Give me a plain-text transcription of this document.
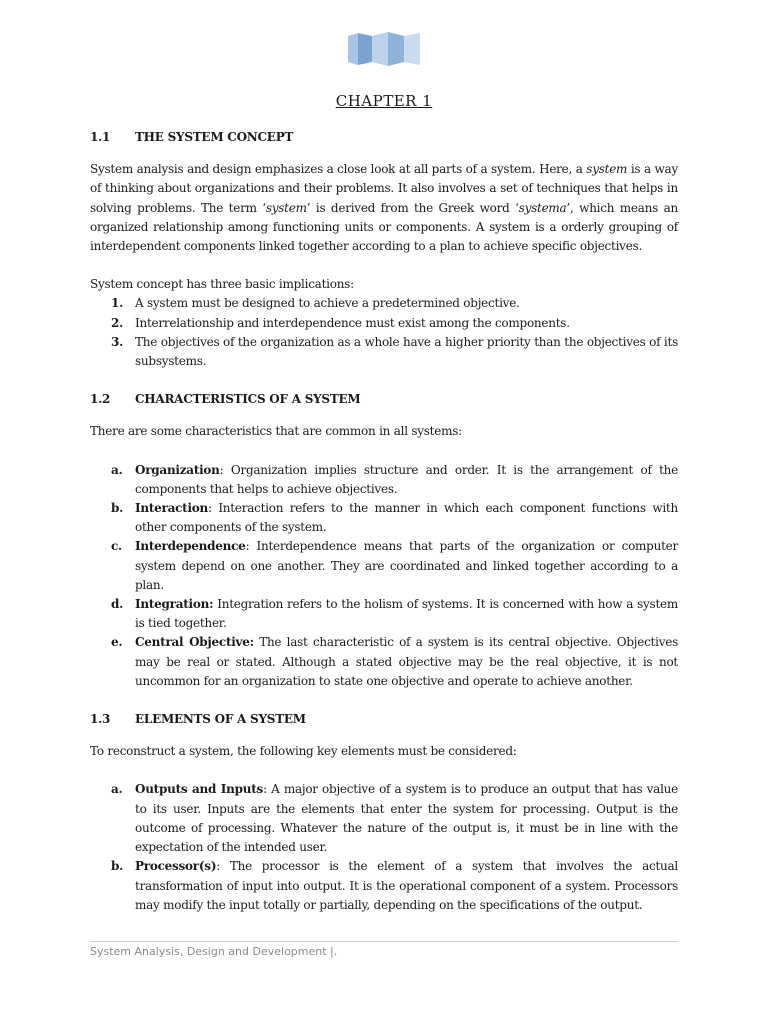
CHAPTER 1
1.1	THE SYSTEM CONCEPT

System analysis and design emphasizes a close look at all parts of a system. Here, a system is a way of thinking about organizations and their problems. It also involves a set of techniques that helps in solving problems. The term ‘system’ is derived from the Greek word ‘systema’, which means an organized relationship among functioning units or components. A system is a orderly grouping of interdependent components linked together according to a plan to achieve specific objectives.

System concept has three basic implications:

1. A system must be designed to achieve a predetermined objective.
2. Interrelationship and interdependence must exist among the components.
3. The objectives of the organization as a whole have a higher priority than the objectives of its subsystems.
1.2	CHARACTERISTICS OF A SYSTEM

There are some characteristics that are common in all systems:

a.	Organization: Organization implies structure and order. It is the arrangement of the components that helps to achieve objectives.
b. Interaction: Interaction refers to the manner in which each component functions with other components of the system.
c.	Interdependence: Interdependence means that parts of the organization or computer system depend on one another. They are coordinated and linked together according to a plan.
d. Integration: Integration refers to the holism of systems. It is concerned with how a system is tied together.
e.	Central Objective: The last characteristic of a system is its central objective. Objectives may be real or stated. Although a stated objective may be the real objective, it is not uncommon for an organization to state one objective and operate to achieve another.
1.3	ELEMENTS OF A SYSTEM

To reconstruct a system, the following key elements must be considered:

a.	Outputs and Inputs: A major objective of a system is to produce an output that has value to its user. Inputs are the elements that enter the system for processing. Output is the outcome of processing. Whatever the nature of the output is, it must be in line with the expectation of the intended user.
b. Processor(s): The processor is the element of a system that involves the actual transformation of input into output. It is the operational component of a system. Processors may modify the input totally or partially, depending on the specifications of the output.
System Analysis, Design and Development |.
